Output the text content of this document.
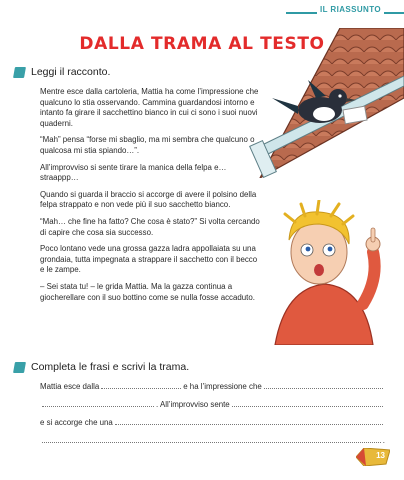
IL RIASSUNTO
DALLA TRAMA AL TESTO
Leggi il racconto.

Mentre esce dalla cartoleria, Mattia ha come l’impressione che qualcuno lo stia osservando. Cammina guardandosi intorno e intanto fa girare il sacchettino bianco in cui ci sono i suoi nuovi quaderni.

“Mah” pensa “forse mi sbaglio, ma mi sembra che qualcuno o qualcosa mi stia spiando…”.

All’improvviso si sente tirare la manica della felpa e… straappp…

Quando si guarda il braccio si accorge di avere il polsino della felpa strappato e non vede più il suo sacchetto bianco.

“Mah… che fine ha fatto? Che cosa è stato?” Si volta cercando di capire che cosa sia successo.

Poco lontano vede una grossa gazza ladra appollaiata su una grondaia, tutta impegnata a strappare il sacchetto con il becco e le zampe.

– Sei stata tu! – le grida Mattia. Ma la gazza continua a giocherellare con il suo bottino come se nulla fosse accaduto.

Completa le frasi e scrivi la trama.
Mattia esce dalla	e ha l’impressione che
. All’improvviso sente
e si accorge che una
.
13
